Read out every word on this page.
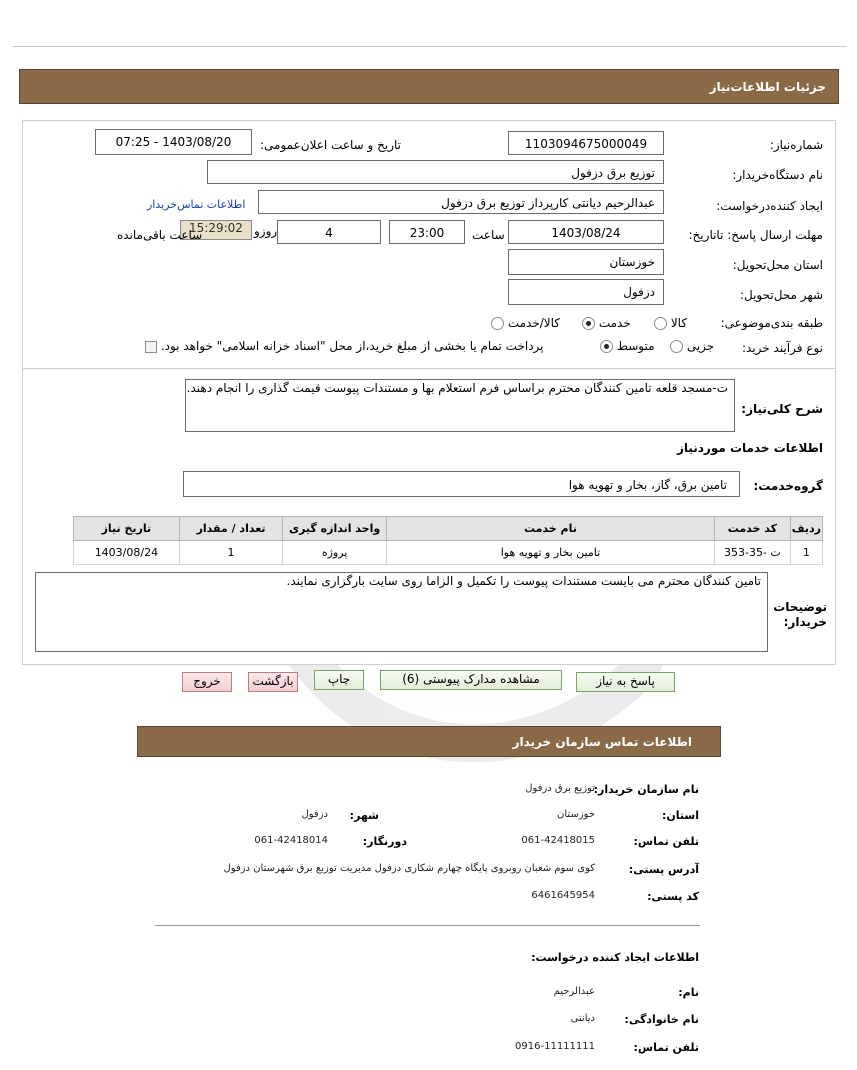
جزئیات اطلاعات‌نیاز
شماره‌نیاز:
1103094675000049
تاریخ و ساعت اعلان‌عمومی:
1403/08/20 - 07:25
نام دستگاه‌خریدار:
توزیع برق دزفول
ایجاد کننده‌درخواست:
عبدالرحیم دیانتی کارپرداز توزیع برق دزفول
اطلاعات تماس‌خریدار
مهلت ارسال پاسخ: تاتاریخ:
1403/08/24
ساعت
23:00
4
روزو
15:29:02
ساعت باقی‌مانده
استان محل‌تحویل:
خوزستان
شهر محل‌تحویل:
دزفول
طبقه بندی‌موضوعی:
کالا
خدمت
کالا/خدمت
نوع فرآیند خرید:
جزیی
متوسط
پرداخت تمام یا بخشی از مبلغ خرید،از محل "اسناد خزانه اسلامی" خواهد بود.
شرح کلی‌نیاز:
ت-مسجد قلعه تامین کنندگان محترم براساس فرم استعلام بها و مستندات پیوست قیمت گذاری را انجام دهند.
اطلاعات خدمات موردنیاز
گروه‌خدمت:
تامین برق، گاز، بخار و تهویه هوا
ردیف	کد خدمت	نام خدمت	واحد اندازه گیری	تعداد / مقدار	تاریخ نیاز
1	ت -35-353	تامین بخار و تهویه هوا	پروژه	1	1403/08/24
توضیحات
خریدار:
تامین کنندگان محترم می بایست مستندات پیوست را تکمیل و الزاما روی سایت بارگزاری نمایند.
پاسخ به نیاز
مشاهده مدارک پیوستی (6)
چاپ
بازگشت
خروج
اطلاعات تماس سازمان خریدار
نام سازمان خریدار:
توزیع برق دزفول
استان:
خوزستان
شهر:
دزفول
تلفن تماس:
061-42418015
دورنگار:
061-42418014
آدرس پستی:
کوی سوم شعبان روبروی پایگاه چهارم شکاری دزفول مدیریت توزیع برق شهرستان دزفول
کد پستی:
6461645954
اطلاعات ایجاد کننده درخواست:
نام:
عبدالرحیم
نام خانوادگی:
دیانتی
تلفن تماس:
0916-11111111
